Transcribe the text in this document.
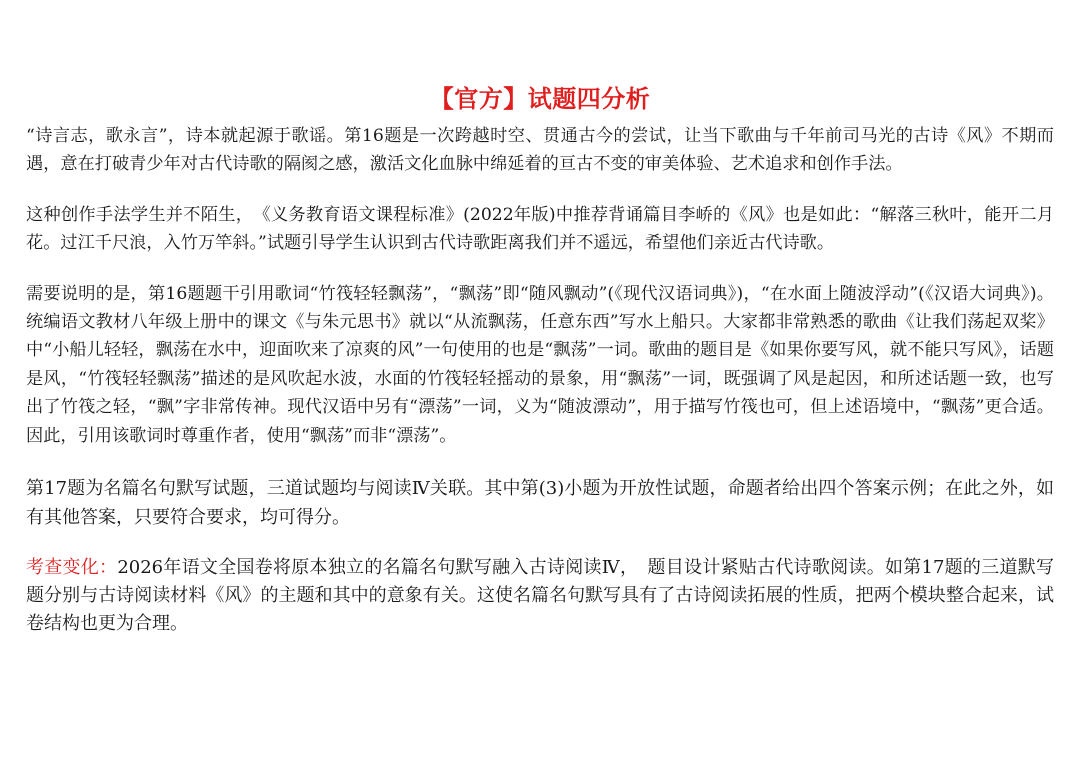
【官方】试题四分析

“诗言志，歌永言”，诗本就起源于歌谣。第16题是一次跨越时空、贯通古今的尝试，让当下歌曲与千年前司马光的古诗《风》不期而遇，意在打破青少年对古代诗歌的隔阂之感，激活文化血脉中绵延着的亘古不变的审美体验、艺术追求和创作手法。

这种创作手法学生并不陌生，　《义务教育语文课程标准》(2022年版)中推荐背诵篇目李峤的《风》也是如此：“解落三秋叶，能开二月花。过江千尺浪，入竹万竿斜。”试题引导学生认识到古代诗歌距离我们并不遥远，希望他们亲近古代诗歌。

需要说明的是，第16题题干引用歌词“竹筏轻轻飘荡”，“飘荡”即“随风飘动”(《现代汉语词典》)，“在水面上随波浮动”(《汉语大词典》)。统编语文教材八年级上册中的课文《与朱元思书》就以“从流飘荡，任意东西”写水上船只。大家都非常熟悉的歌曲《让我们荡起双桨》中“小船儿轻轻，飘荡在水中，迎面吹来了凉爽的风”一句使用的也是“飘荡”一词。歌曲的题目是《如果你要写风，就不能只写风》，话题是风，“竹筏轻轻飘荡”描述的是风吹起水波，水面的竹筏轻轻摇动的景象，用“飘荡”一词，既强调了风是起因，和所述话题一致，也写出了竹筏之轻，“飘”字非常传神。现代汉语中另有“漂荡”一词，义为“随波漂动”，用于描写竹筏也可，但上述语境中，“飘荡”更合适。因此，引用该歌词时尊重作者，使用“飘荡”而非“漂荡”。

第17题为名篇名句默写试题，三道试题均与阅读Ⅳ关联。其中第(3)小题为开放性试题，命题者给出四个答案示例；在此之外，如有其他答案，只要符合要求，均可得分。

考查变化：2026年语文全国卷将原本独立的名篇名句默写融入古诗阅读Ⅳ，　题目设计紧贴古代诗歌阅读。如第17题的三道默写题分别与古诗阅读材料《风》的主题和其中的意象有关。这使名篇名句默写具有了古诗阅读拓展的性质，把两个模块整合起来，试卷结构也更为合理。
